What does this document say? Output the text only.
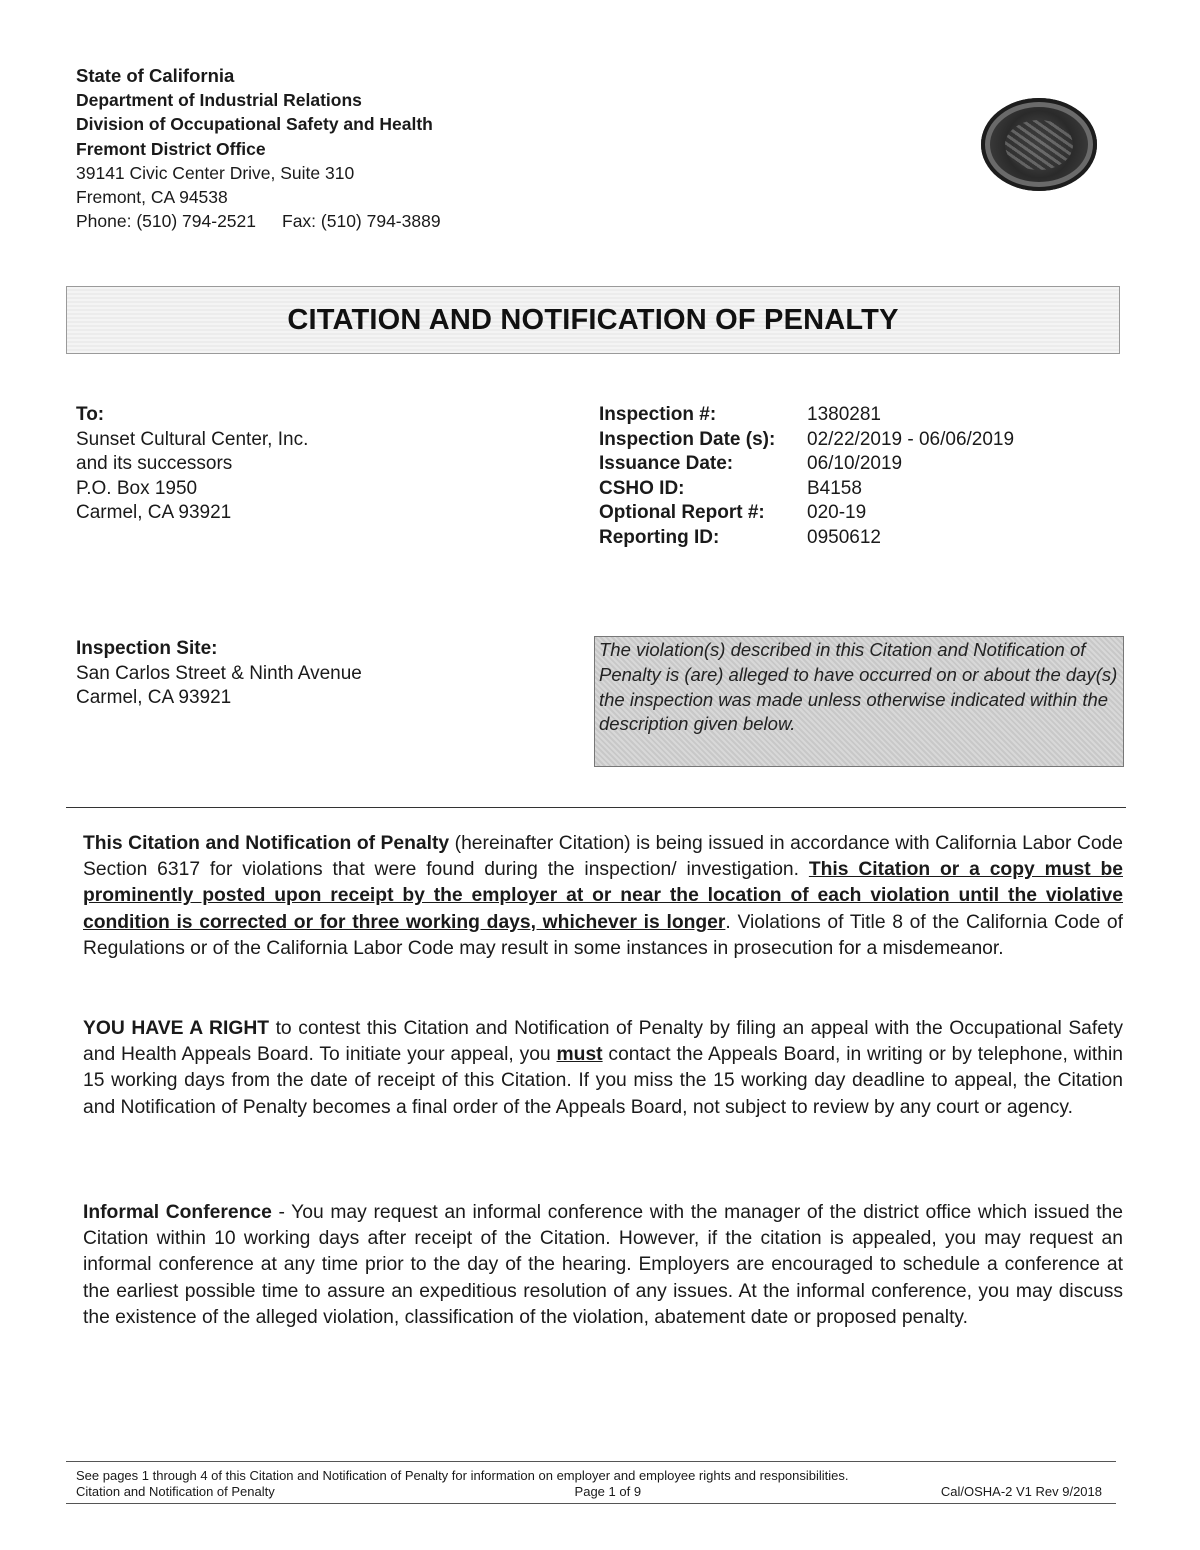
State of California
Department of Industrial Relations
Division of Occupational Safety and Health
Fremont District Office
39141 Civic Center Drive, Suite 310
Fremont, CA 94538
Phone: (510) 794-2521 Fax: (510) 794-3889
CITATION AND NOTIFICATION OF PENALTY
To:
Sunset Cultural Center, Inc.
and its successors
P.O. Box 1950
Carmel, CA 93921
Inspection #:	1380281
Inspection Date (s):	02/22/2019 - 06/06/2019
Issuance Date:	06/10/2019
CSHO ID:	B4158
Optional Report #:	020-19
Reporting ID:	0950612
Inspection Site:
San Carlos Street & Ninth Avenue
Carmel, CA 93921
The violation(s) described in this Citation and Notification of Penalty is (are) alleged to have occurred on or about the day(s) the inspection was made unless otherwise indicated within the description given below.
This Citation and Notification of Penalty (hereinafter Citation) is being issued in accordance with California Labor Code Section 6317 for violations that were found during the inspection/ investigation. This Citation or a copy must be prominently posted upon receipt by the employer at or near the location of each violation until the violative condition is corrected or for three working days, whichever is longer. Violations of Title 8 of the California Code of Regulations or of the California Labor Code may result in some instances in prosecution for a misdemeanor.
YOU HAVE A RIGHT to contest this Citation and Notification of Penalty by filing an appeal with the Occupational Safety and Health Appeals Board. To initiate your appeal, you must contact the Appeals Board, in writing or by telephone, within 15 working days from the date of receipt of this Citation. If you miss the 15 working day deadline to appeal, the Citation and Notification of Penalty becomes a final order of the Appeals Board, not subject to review by any court or agency.
Informal Conference - You may request an informal conference with the manager of the district office which issued the Citation within 10 working days after receipt of the Citation. However, if the citation is appealed, you may request an informal conference at any time prior to the day of the hearing. Employers are encouraged to schedule a conference at the earliest possible time to assure an expeditious resolution of any issues. At the informal conference, you may discuss the existence of the alleged violation, classification of the violation, abatement date or proposed penalty.
See pages 1 through 4 of this Citation and Notification of Penalty for information on employer and employee rights and responsibilities.
Citation and Notification of Penalty	Page 1 of 9	Cal/OSHA-2 V1 Rev 9/2018
